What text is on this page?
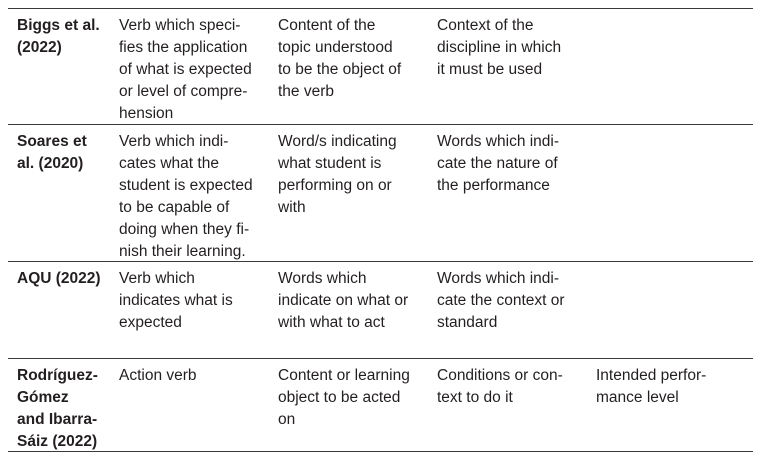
Biggs et al.
(2022)
Verb which speci-
fies the application
of what is expected
or level of compre-
hension
Content of the
topic understood
to be the object of
the verb
Context of the
discipline in which
it must be used
Soares et
al. (2020)
Verb which indi-
cates what the
student is expected
to be capable of
doing when they fi-
nish their learning.
Word/s indicating
what student is
performing on or
with
Words which indi-
cate the nature of
the performance
AQU (2022) Verb which
indicates what is
expected
Words which
indicate on what or
with what to act
Words which indi-
cate the context or
standard
Rodríguez-
Gómez
and Ibarra-
Sáiz (2022)
Action verb	Content or learning
object to be acted
on
Conditions or con-
text to do it
Intended perfor-
mance level
